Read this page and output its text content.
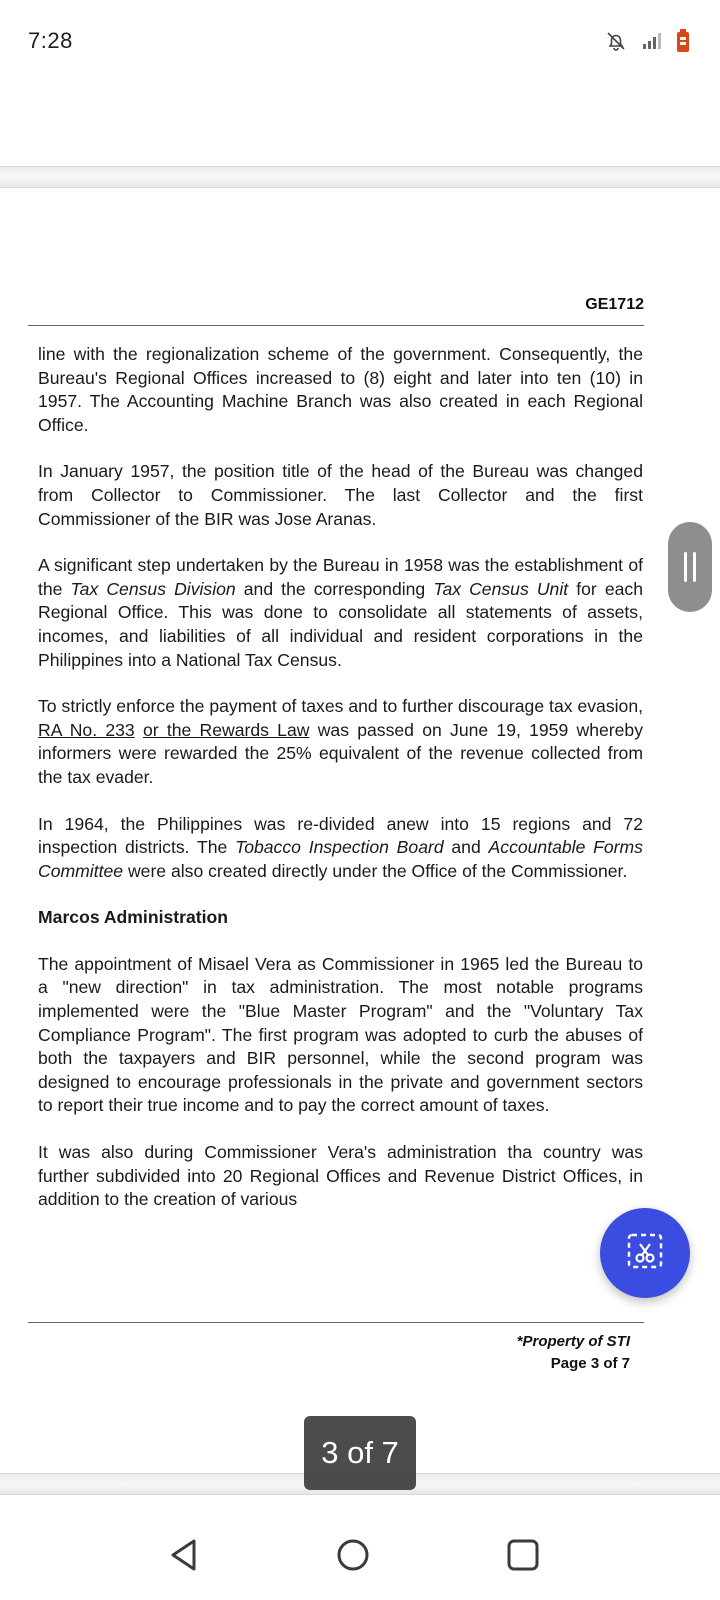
7:28
GE1712

line with the regionalization scheme of the government. Consequently, the Bureau's Regional Offices increased to (8) eight and later into ten (10) in 1957. The Accounting Machine Branch was also created in each Regional Office.

In January 1957, the position title of the head of the Bureau was changed from Collector to Commissioner. The last Collector and the first Commissioner of the BIR was Jose Aranas.

A significant step undertaken by the Bureau in 1958 was the establishment of the Tax Census Division and the corresponding Tax Census Unit for each Regional Office. This was done to consolidate all statements of assets, incomes, and liabilities of all individual and resident corporations in the Philippines into a National Tax Census.

To strictly enforce the payment of taxes and to further discourage tax evasion, RA No. 233 or the Rewards Law was passed on June 19, 1959 whereby informers were rewarded the 25% equivalent of the revenue collected from the tax evader.

In 1964, the Philippines was re-divided anew into 15 regions and 72 inspection districts. The Tobacco Inspection Board and Accountable Forms Committee were also created directly under the Office of the Commissioner.

Marcos Administration

The appointment of Misael Vera as Commissioner in 1965 led the Bureau to a "new direction" in tax administration. The most notable programs implemented were the "Blue Master Program" and the "Voluntary Tax Compliance Program". The first program was adopted to curb the abuses of both the taxpayers and BIR personnel, while the second program was designed to encourage professionals in the private and government sectors to report their true income and to pay the correct amount of taxes.

It was also during Commissioner Vera's administration tha country was further subdivided into 20 Regional Offices and Revenue District Offices, in addition to the creation of various

*Property of STI
Page 3 of 7
3 of 7
